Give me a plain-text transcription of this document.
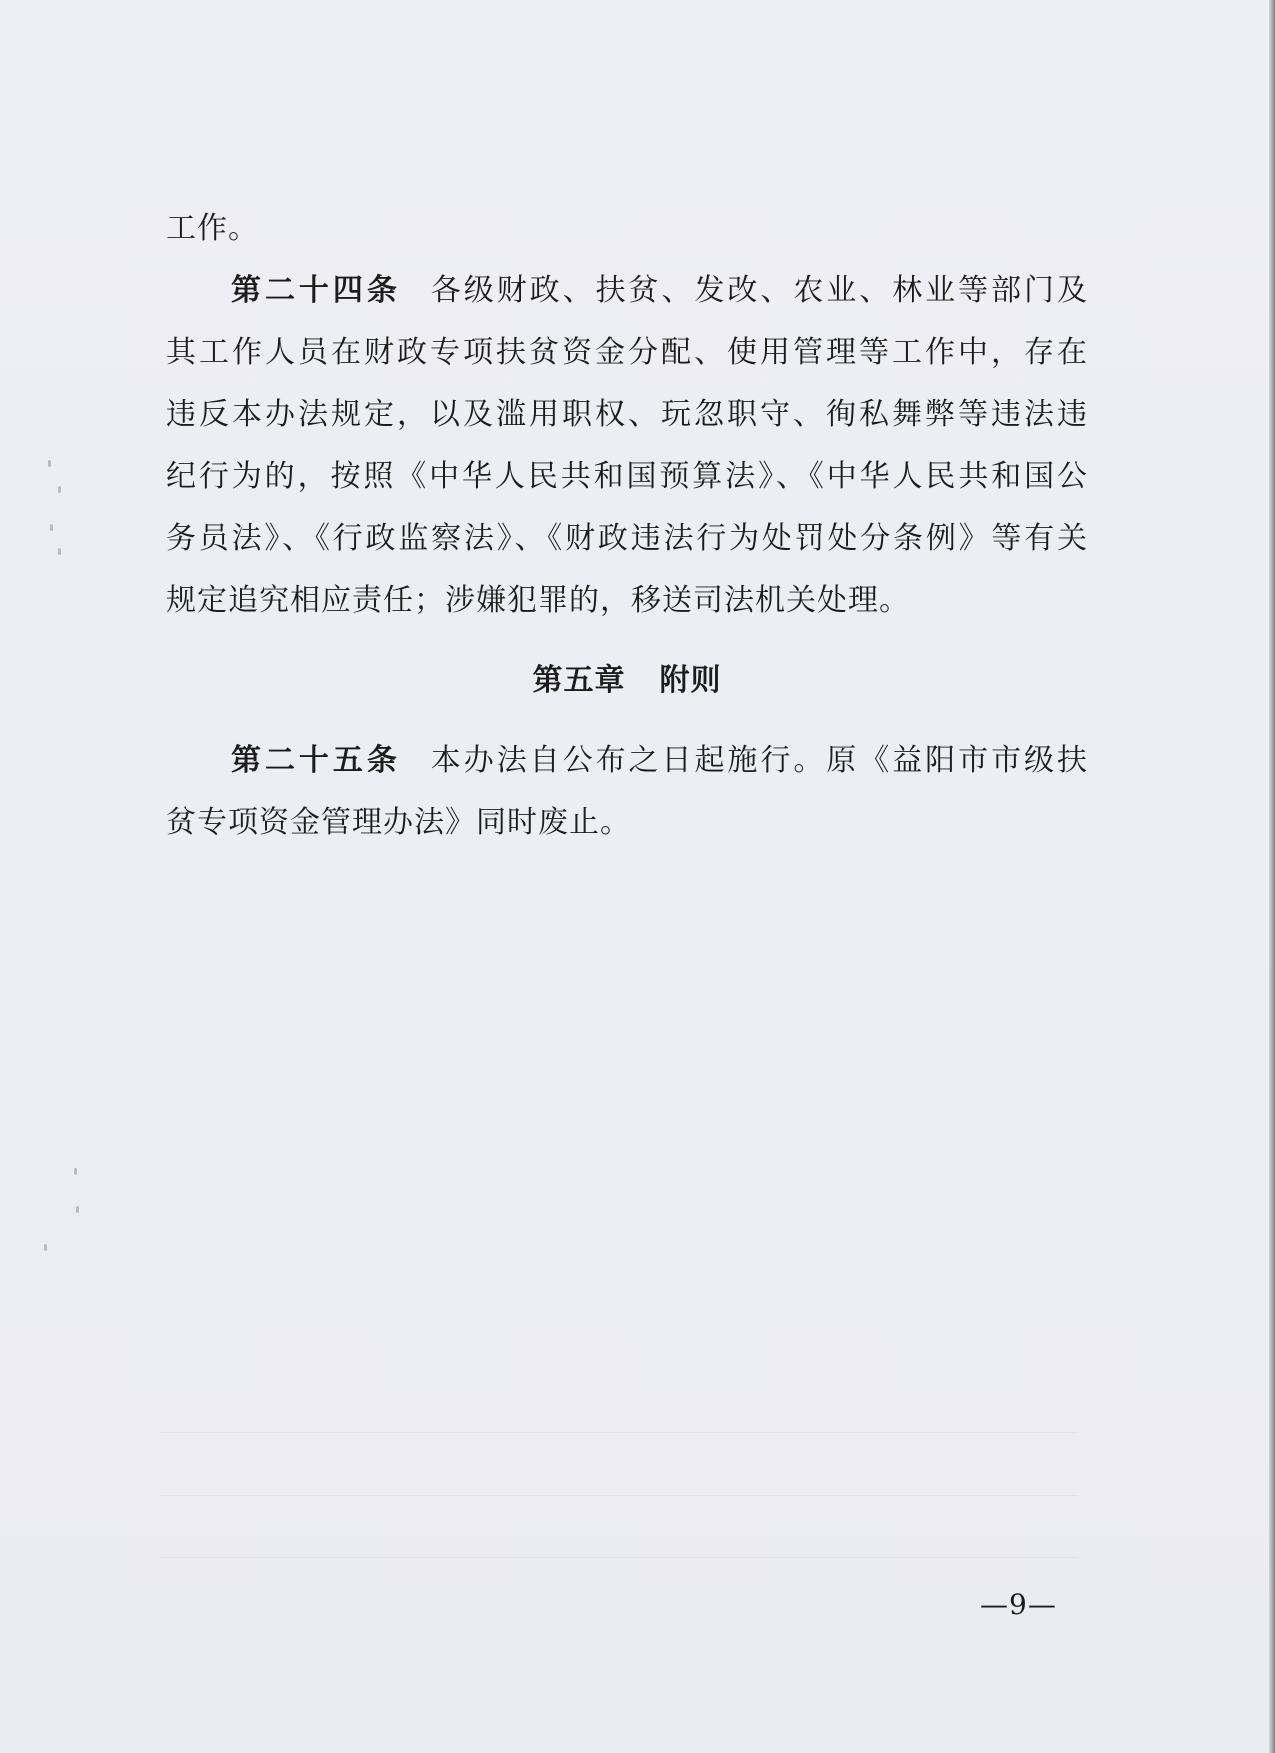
工作。
第二十四条 各级财政、扶贫、发改、农业、林业等部门及
其工作人员在财政专项扶贫资金分配、使用管理等工作中，存在
违反本办法规定，以及滥用职权、玩忽职守、徇私舞弊等违法违
纪行为的，按照《中华人民共和国预算法》、《中华人民共和国公
务员法》、《行政监察法》、《财政违法行为处罚处分条例》等有关
规定追究相应责任；涉嫌犯罪的，移送司法机关处理。
第五章 附则
第二十五条 本办法自公布之日起施行。原《益阳市市级扶
贫专项资金管理办法》同时废止。
—9—
